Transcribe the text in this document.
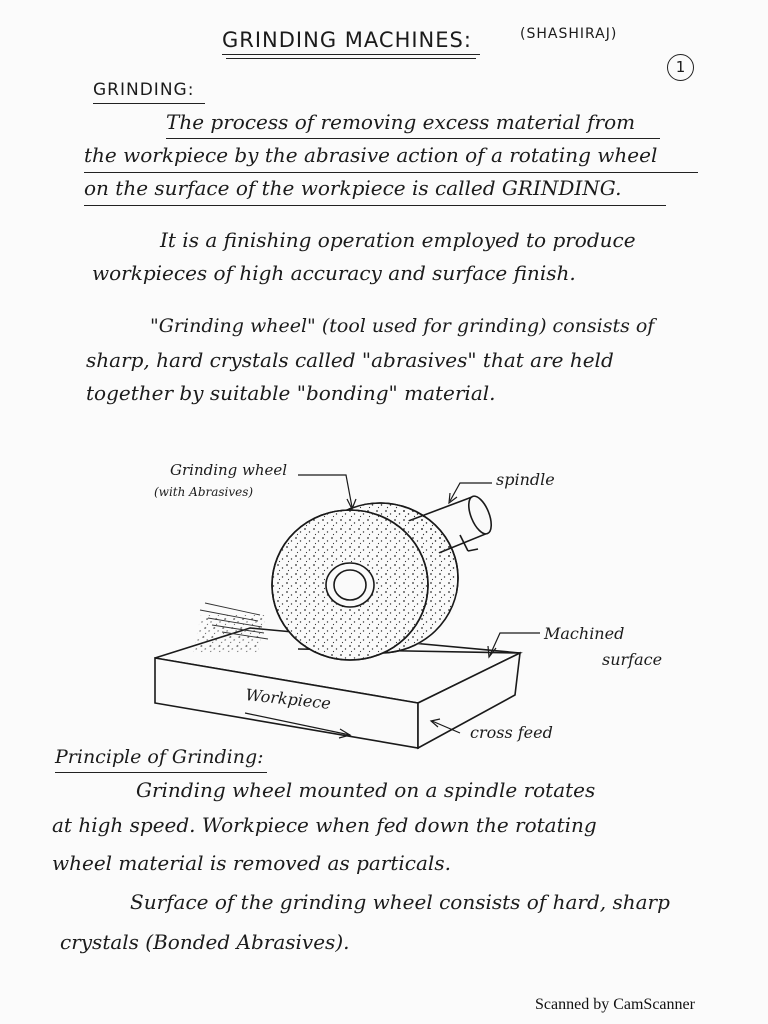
GRINDING MACHINES:	(SHASHIRAJ)
1
GRINDING:
The process of removing excess material from
the workpiece by the abrasive action of a rotating wheel
on the surface of the workpiece is called GRINDING.
It is a finishing operation employed to produce
workpieces of high accuracy and surface finish.
"Grinding wheel" (tool used for grinding) consists of
sharp, hard crystals called "abrasives" that are held
together by suitable "bonding" material.
Grinding wheel
(with Abrasives)
spindle
Machined
surface
Workpiece
cross feed
Principle of Grinding:
Grinding wheel mounted on a spindle rotates
at high speed. Workpiece when fed down the rotating
wheel material is removed as particals.
Surface of the grinding wheel consists of hard, sharp
crystals (Bonded Abrasives).
Scanned by CamScanner
